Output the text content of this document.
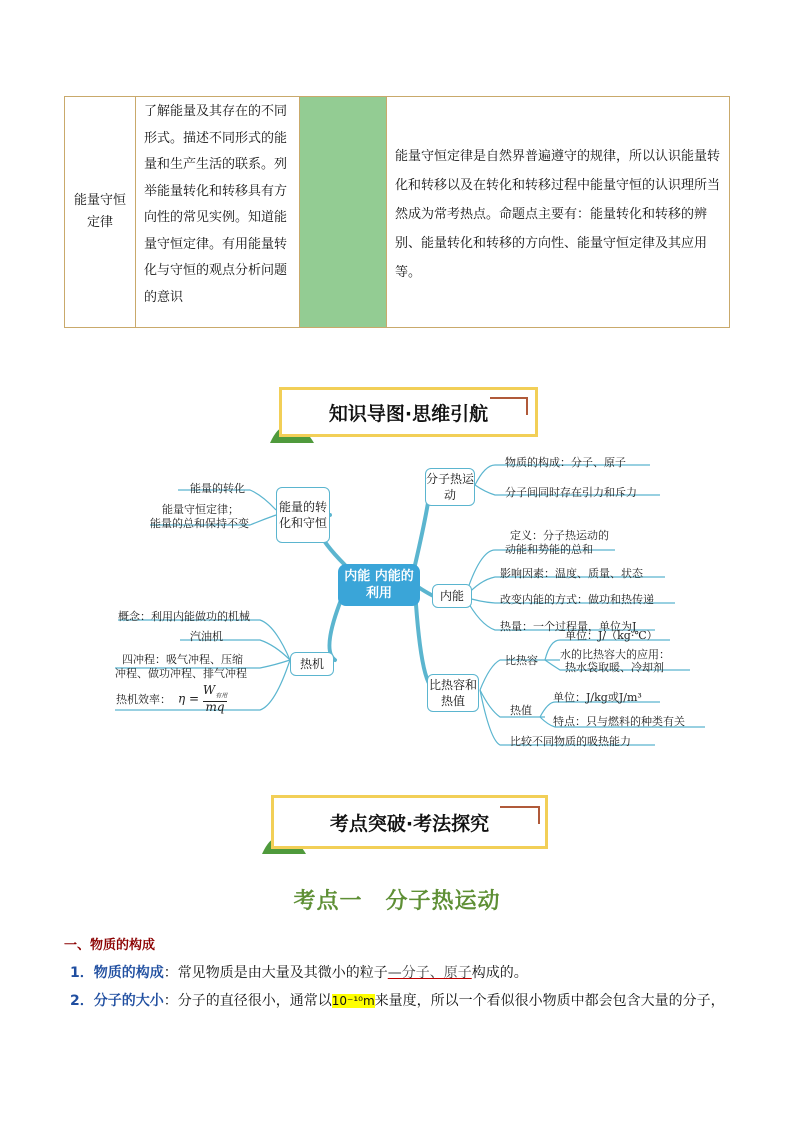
能量守恒定律
了解能量及其存在的不同形式。描述不同形式的能量和生产生活的联系。列举能量转化和转移具有方向性的常见实例。知道能量守恒定律。有用能量转化与守恒的观点分析问题的意识
能量守恒定律是自然界普遍遵守的规律，所以认识能量转化和转移以及在转化和转移过程中能量守恒的认识理所当然成为常考热点。命题点主要有：能量转化和转移的辨别、能量转化和转移的方向性、能量守恒定律及其应用等。
知识导图·思维引航
内能 内能的利用
能量的转化和守恒
能量的转化
能量守恒定律；
能量的总和保持不变
分子热运动
物质的构成：分子、原子
分子间同时存在引力和斥力
内能
定义：分子热运动的
动能和势能的总和
影响因素：温度、质量、状态
改变内能的方式：做功和热传递
热量：一个过程量，单位为J
热机
概念：利用内能做功的机械
汽油机
四冲程：吸气冲程、压缩
冲程、做功冲程、排气冲程
热机效率： η =
$W_{有用}$
mq
比热容和热值
比热容
单位：J/（kg·℃）
水的比热容大的应用：
热水袋取暖、冷却剂
热值
单位：J/kg或J/m³
特点：只与燃料的种类有关
比较不同物质的吸热能力
考点突破·考法探究
考点一　分子热运动
一、物质的构成
1．物质的构成：常见物质是由大量及其微小的粒子—分子、原子构成的。
2．分子的大小：分子的直径很小，通常以10⁻¹⁰m来量度，所以一个看似很小物质中都会包含大量的分子，
